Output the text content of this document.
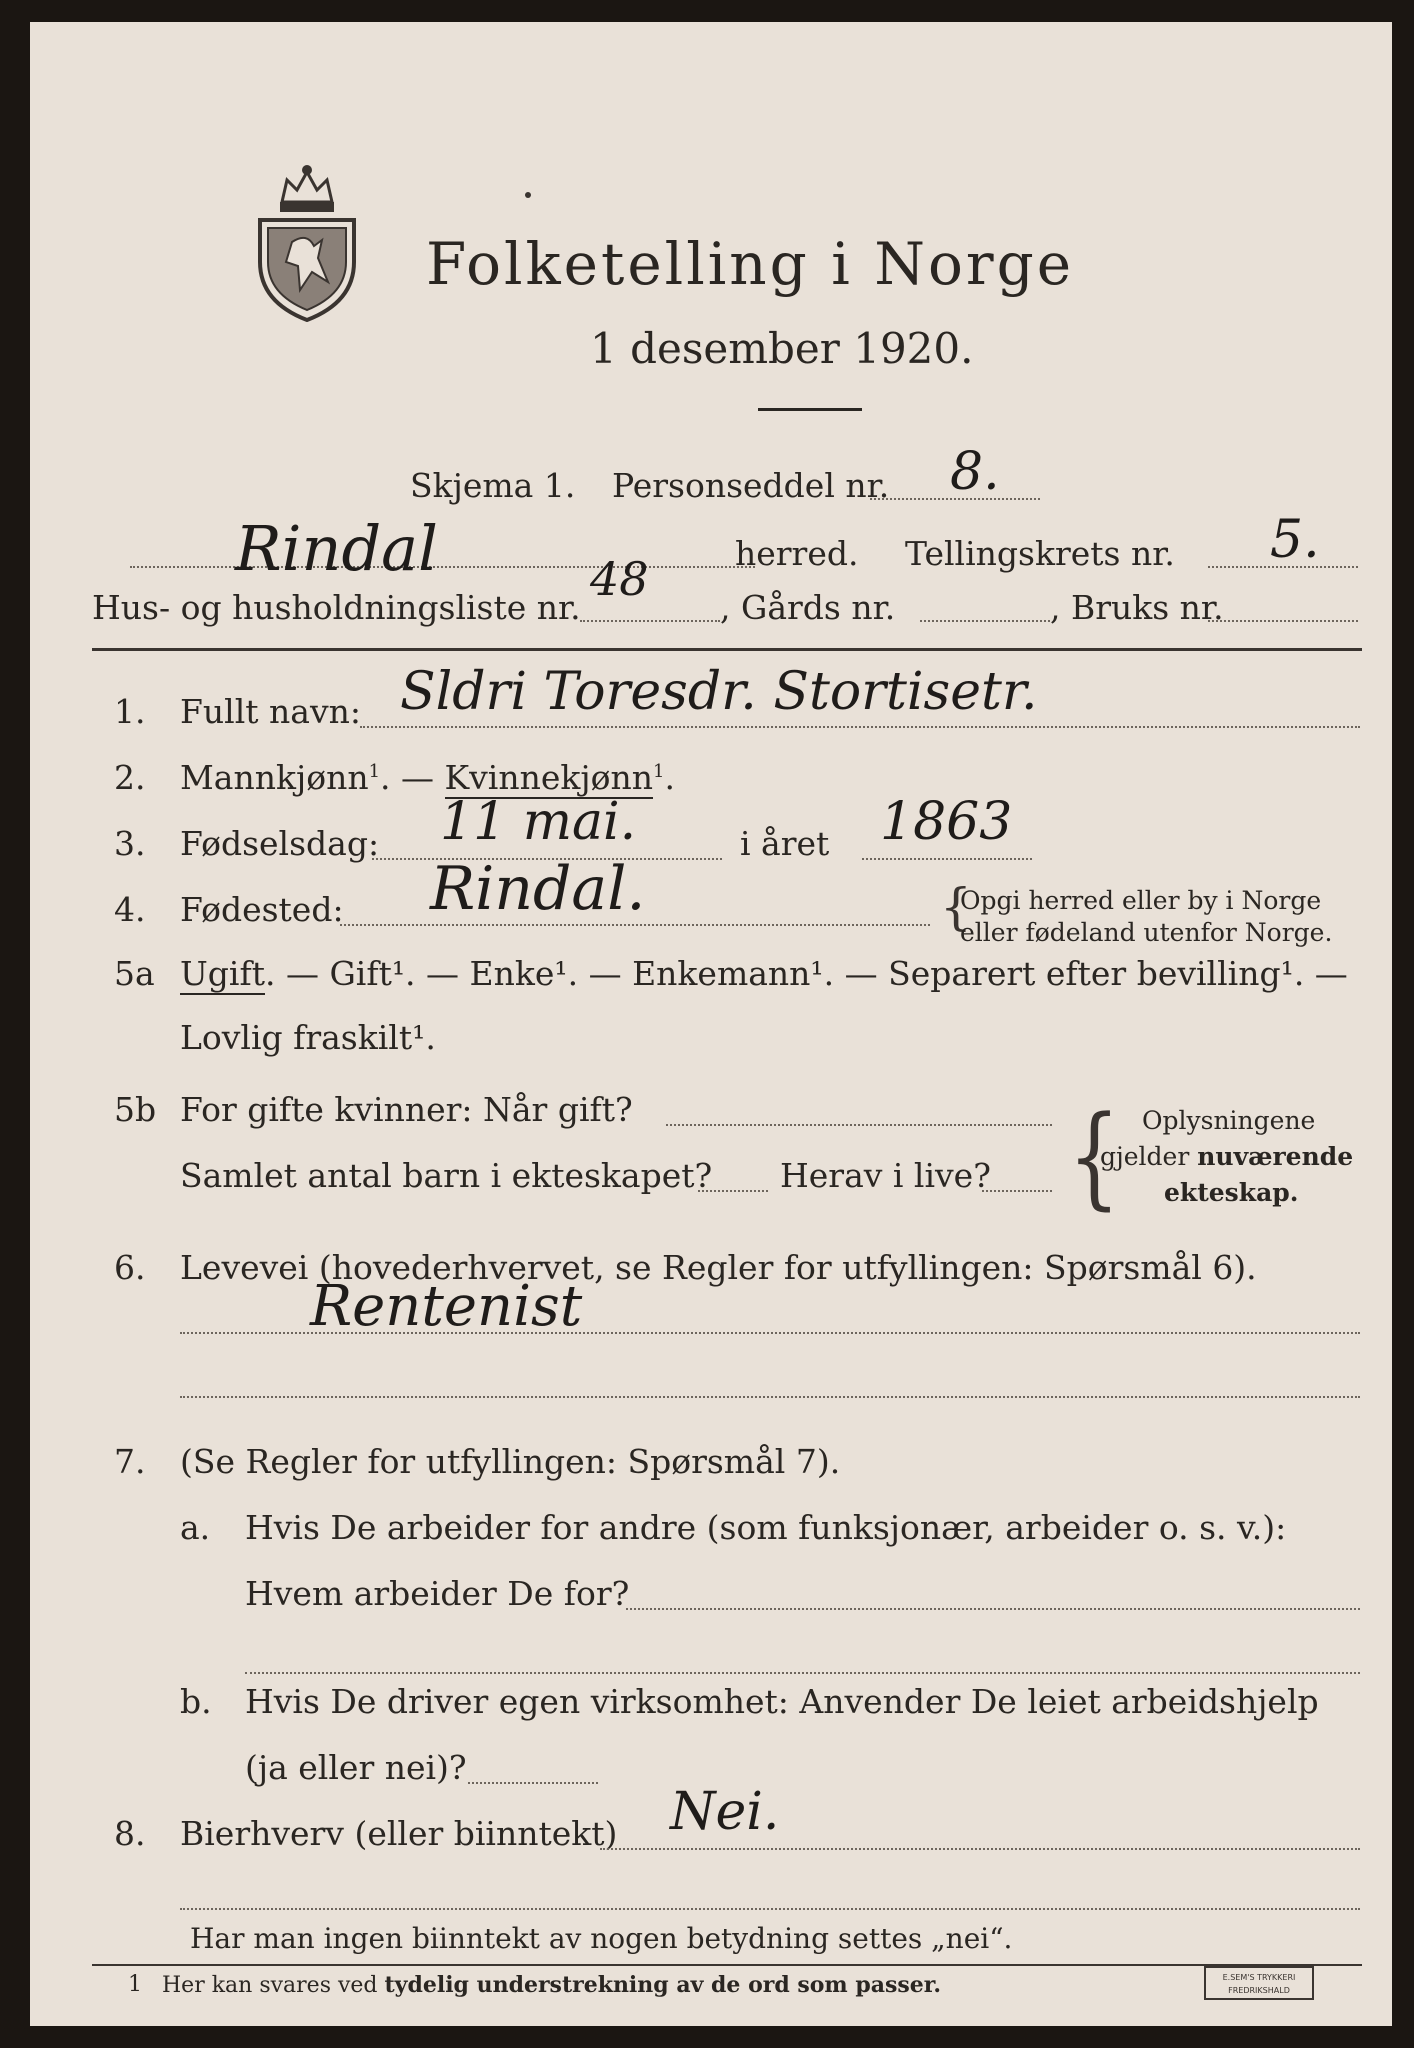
Folketelling i Norge
1 desember 1920.
Skjema 1. Personseddel nr. 8.
Rindal	herred. Tellingskrets nr. 5.
Hus- og husholdningsliste nr.
48
, Gårds nr.	, Bruks nr.
1. Fullt navn: Sldri Toresdr. Stortisetr.
2. Mannkjønn$^1$. — Kvinnekjønn$^1$.
3. Fødselsdag: 11 mai.	i året 1863
4. Fødested: Rindal.	{
Opgi herred eller by i Norge
eller fødeland utenfor Norge.
5a Ugift. — Gift¹. — Enke¹. — Enkemann¹. — Separert efter bevilling¹. —
Lovlig fraskilt¹.
5b For gifte kvinner: Når gift?
Samlet antal barn i ekteskapet? Herav i live? { Oplysningene
gjelder nuværende
ekteskap.
6. Levevei (hovederhvervet, se Regler for utfyllingen: Spørsmål 6).
Rentenist
7. (Se Regler for utfyllingen: Spørsmål 7).
a. Hvis De arbeider for andre (som funksjonær, arbeider o. s. v.):
Hvem arbeider De for?
b. Hvis De driver egen virksomhet: Anvender De leiet arbeidshjelp
(ja eller nei)?
8. Bierhverv (eller biinntekt) Nei.
Har man ingen biinntekt av nogen betydning settes „nei“.
1 Her kan svares ved tydelig understrekning av de ord som passer.	E.SEM'S TRYKKERI
FREDRIKSHALD
